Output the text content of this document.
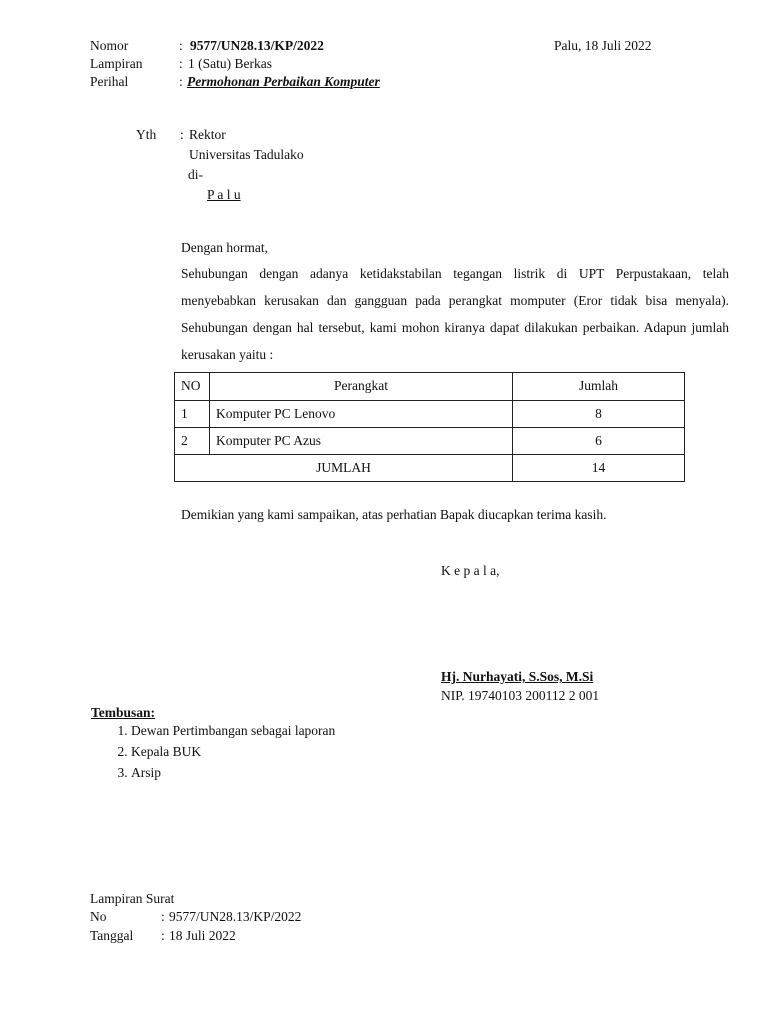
Nomor	: 9577/UN28.13/KP/2022	Palu, 18 Juli 2022
Lampiran	: 1 (Satu) Berkas
Perihal	: Permohonan Perbaikan Komputer
Yth : Rektor
Universitas Tadulako
di-
P a l u
Dengan hormat,

Sehubungan dengan adanya ketidakstabilan tegangan listrik di UPT Perpustakaan, telah menyebabkan kerusakan dan gangguan pada perangkat momputer (Eror tidak bisa menyala). Sehubungan dengan hal tersebut, kami mohon kiranya dapat dilakukan perbaikan. Adapun jumlah kerusakan yaitu :

NO	Perangkat	Jumlah
1	Komputer PC Lenovo	8
2	Komputer PC Azus	6
JUMLAH		14
Demikian yang kami sampaikan, atas perhatian Bapak diucapkan terima kasih.
K e p a l a,
Hj. Nurhayati, S.Sos, M.Si
NIP. 19740103 200112 2 001
Tembusan:
1. Dewan Pertimbangan sebagai laporan
2. Kepala BUK
3. Arsip
Lampiran Surat
No	: 9577/UN28.13/KP/2022
Tanggal : 18 Juli 2022
